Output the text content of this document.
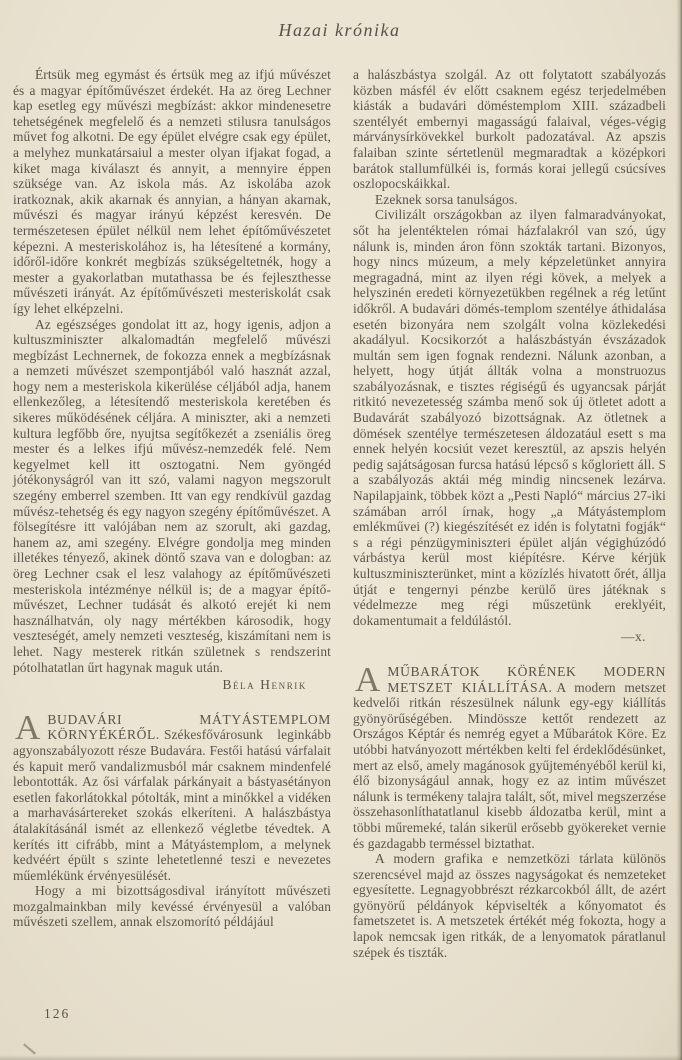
Hazai krónika

Értsük meg egymást és értsük meg az ifjú művészet és a magyar építőművészet érdekét. Ha az öreg Lechner kap esetleg egy művészi megbízást: akkor mindenesetre tehetségének megfelelő és a nemzeti stilusra tanulságos művet fog alkotni. De egy épület elvégre csak egy épület, a melyhez munkatársaiul a mester olyan ifjakat fogad, a kiket maga kiválaszt és annyit, a mennyire éppen szüksége van. Az iskola más. Az iskolába azok iratkoznak, akik akarnak és annyian, a hányan akarnak, művészi és magyar irányú képzést keresvén. De természetesen épület nélkül nem lehet építőművészetet képezni. A mesteriskolához is, ha létesítené a kormány, időről-időre konkrét megbízás szükségeltetnék, hogy a mester a gyakorlatban mutathassa be és fejleszthesse művészeti irányát. Az építőművészeti mesteriskolát csak így lehet elképzelni.

Az egészséges gondolat itt az, hogy igenis, adjon a kultuszminiszter alkalomadtán megfelelő művészi megbízást Lechnernek, de fokozza ennek a megbízásnak a nemzeti művészet szempontjából való hasznát azzal, hogy nem a mesteriskola kikerülése céljából adja, hanem ellenkezőleg, a létesítendő mesteriskola keretében és sikeres működésének céljára. A miniszter, aki a nemzeti kultura legfőbb őre, nyujtsa segítőkezét a zseniális öreg mester és a lelkes ifjú művész-nemzedék felé. Nem kegyelmet kell itt osztogatni. Nem gyöngéd jótékonyságról van itt szó, valami nagyon megszorult szegény emberrel szemben. Itt van egy rendkívül gazdag művész-tehetség és egy nagyon szegény építőművészet. A fölsegítésre itt valójában nem az szorult, aki gazdag, hanem az, ami szegény. Elvégre gondolja meg minden illetékes tényező, akinek döntő szava van e dologban: az öreg Lechner csak el lesz valahogy az építőművészeti mesteriskola intézménye nélkül is; de a magyar építő-művészet, Lechner tudását és alkotó erejét ki nem használhatván, oly nagy mértékben károsodik, hogy veszteségét, amely nemzeti veszteség, kiszámítani nem is lehet. Nagy mesterek ritkán születnek s rendszerint pótolhatatlan űrt hagynak maguk után.

Béla Henrik

ABUDAVÁRI MÁTYÁSTEMPLOM KÖRNYÉKÉRŐL. Székesfővárosunk leginkább agyonszabályozott része Budavára. Festői hatású várfalait és kapuit merő vandalizmusból már csaknem mindenfelé lebontották. Az ősi várfalak párkányait a bástyasétányon esetlen fakorlátokkal pótolták, mint a minőkkel a vidéken a marhavásártereket szokás elkeríteni. A halászbástya átalakításánál ismét az ellenkező végletbe tévedtek. A kerítés itt cifrább, mint a Mátyástemplom, a melynek kedvéért épült s szinte lehetetlenné teszi e nevezetes műemlékünk érvényesülését.

Hogy a mi bizottságosdival irányított művészeti mozgalmainkban mily kevéssé érvényesül a valóban művészeti szellem, annak elszomorító példájául

a halászbástya szolgál. Az ott folytatott szabályozás közben másfél év előtt csaknem egész terjedelmében kiásták a budavári döméstemplom XIII. századbeli szentélyét embernyi magasságú falaival, véges-végig márványsírkövekkel burkolt padozatával. Az apszis falaiban szinte sértetlenül megmaradtak a középkori barátok stallumfülkéi is, formás korai jellegű csúcsíves oszlopocskáikkal.

Ezeknek sorsa tanulságos.

Civilizált országokban az ilyen falmaradványokat, sőt ha jelentéktelen római házfalakról van szó, úgy nálunk is, minden áron fönn szokták tartani. Bizonyos, hogy nincs múzeum, a mely képzeletünket annyira megragadná, mint az ilyen régi kövek, a melyek a helyszinén eredeti környezetükben regélnek a rég letűnt időkről. A budavári dömés-templom szentélye áthidalása esetén bizonyára nem szolgált volna közlekedési akadályul. Kocsikorzót a halászbástyán évszázadok multán sem igen fognak rendezni. Nálunk azonban, a helyett, hogy útját állták volna a monstruozus szabályozásnak, e tisztes régiségű és ugyancsak párját ritkitó nevezetesség számba menő sok új ötletet adott a Budavárát szabályozó bizottságnak. Az ötletnek a dömések szentélye természetesen áldozatául esett s ma ennek helyén kocsiút vezet keresztül, az apszis helyén pedig sajátságosan furcsa hatású lépcső s kőgloriett áll. S a szabályozás aktái még mindig nincsenek lezárva. Napilapjaink, többek közt a „Pesti Napló“ március 27-iki számában arról írnak, hogy „a Mátyástemplom emlékművei (?) kiegészítését ez idén is folytatni fogják“ s a régi pénzügyminiszteri épület alján végighúzódó várbástya kerül most kiépítésre. Kérve kérjük kultuszminiszterünket, mint a közízlés hivatott őrét, állja útját e tengernyi pénzbe kerülő üres játéknak s védelmezze meg régi műszetünk ereklyéit, dokamentumait a feldúlástól.

—x.

AMŰBARÁTOK KÖRÉNEK MODERN METSZET KIÁLLÍTÁSA. A modern metszet kedvelői ritkán részesülnek nálunk egy-egy kiállítás gyönyörűségében. Mindössze kettőt rendezett az Országos Képtár és nemrég egyet a Műbarátok Köre. Ez utóbbi hatványozott mértékben kelti fel érdeklődésünket, mert az első, amely magánosok gyűjteményéből kerül ki, élő bizonyságául annak, hogy ez az intim művészet nálunk is termékeny talajra talált, sőt, mivel megszerzése összehasonlíthatatlanul kisebb áldozatba kerül, mint a többi műremeké, talán sikerül erősebb gyökereket vernie és gazdagabb terméssel biztathat.

A modern grafika e nemzetközi tárlata különös szerencsével majd az összes nagyságokat és nemzeteket egyesítette. Legnagyobbrészt rézkarcokból állt, de azért gyönyörű példányok képviselték a kőnyomatot és fametszetet is. A metszetek értékét még fokozta, hogy a lapok nemcsak igen ritkák, de a lenyomatok páratlanul szépek és tiszták.

126
